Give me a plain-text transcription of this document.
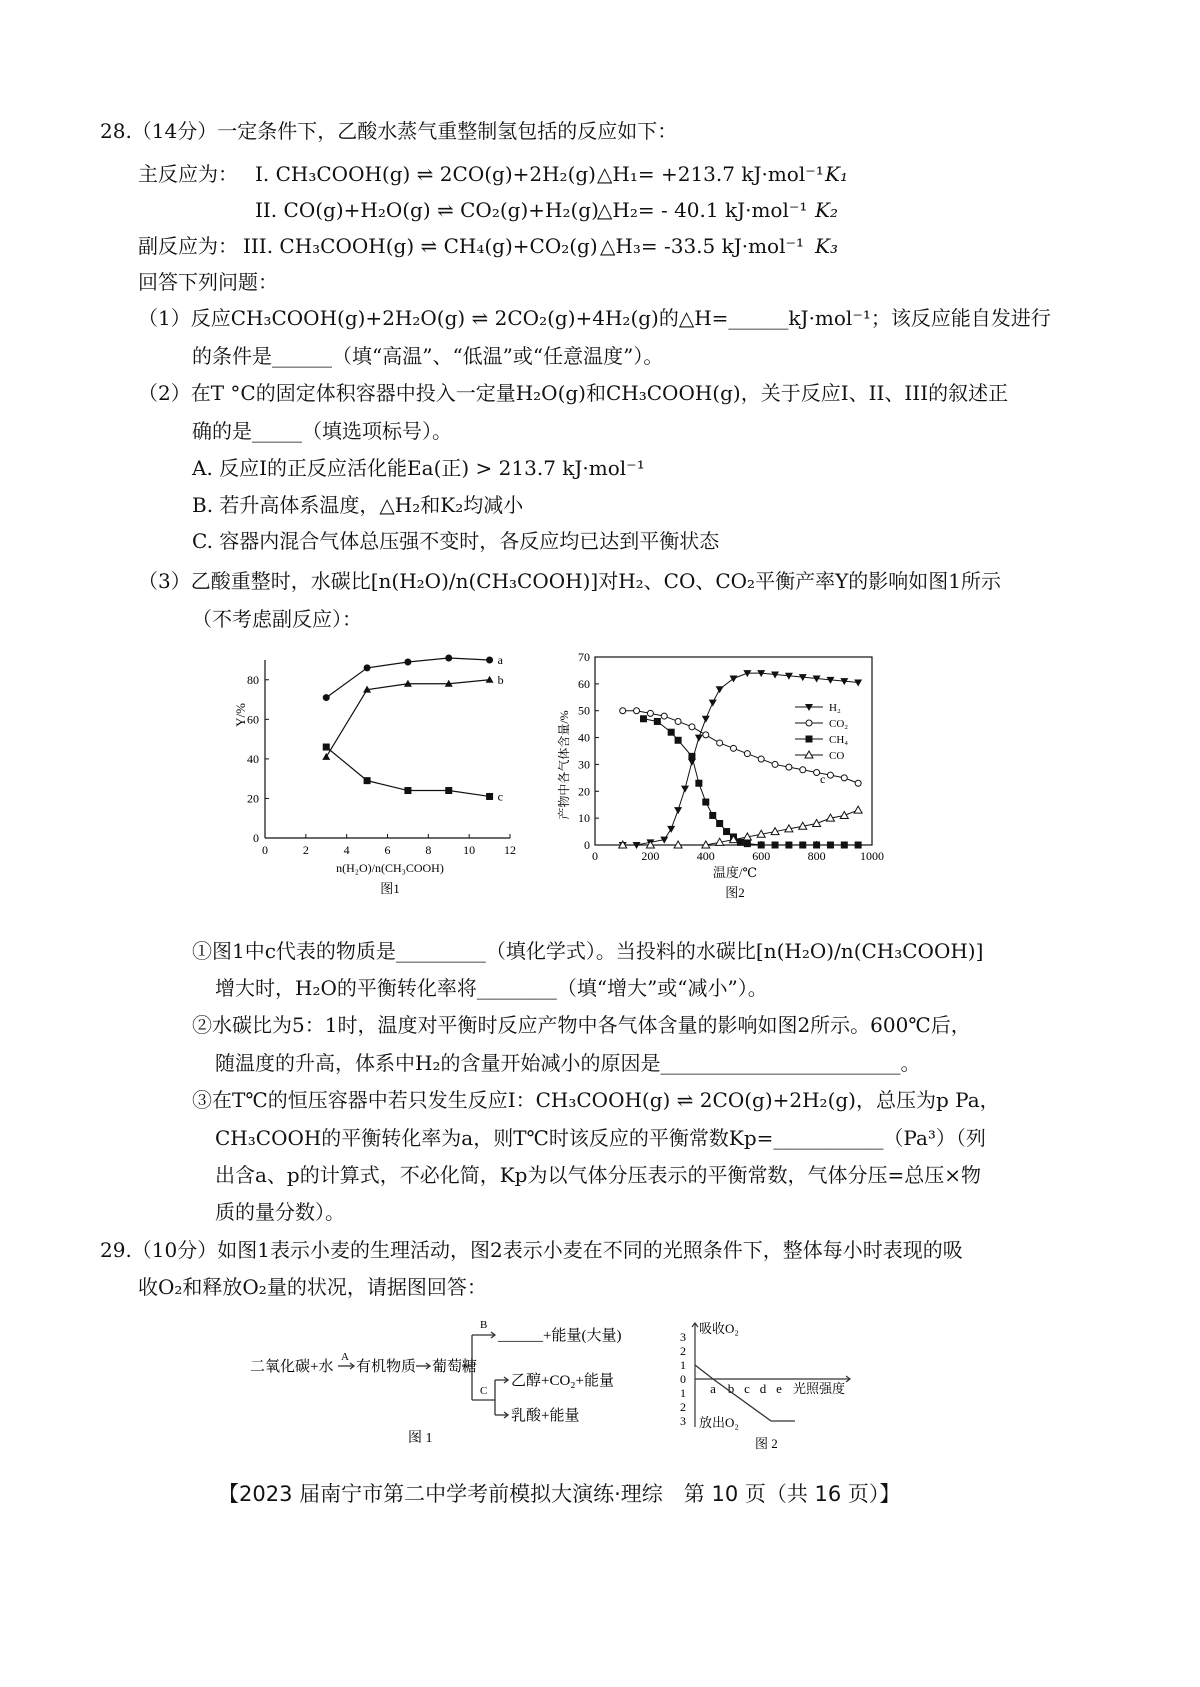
28.（14分）一定条件下，乙酸水蒸气重整制氢包括的反应如下：
主反应为： I. CH₃COOH(g) ⇌ 2CO(g)+2H₂(g) △H₁= +213.7 kJ·mol⁻¹ K₁
II. CO(g)+H₂O(g) ⇌ CO₂(g)+H₂(g)
△H₂= - 40.1 kJ·mol⁻¹ K₂
副反应为： III. CH₃COOH(g) ⇌ CH₄(g)+CO₂(g) △H₃= -33.5 kJ·mol⁻¹ K₃
回答下列问题：
（1）反应CH₃COOH(g)+2H₂O(g) ⇌ 2CO₂(g)+4H₂(g)的△H=______kJ·mol⁻¹；该反应能自发进行
的条件是______（填“高温”、“低温”或“任意温度”）。
（2）在T °C的固定体积容器中投入一定量H₂O(g)和CH₃COOH(g)，关于反应I、II、III的叙述正
确的是_____（填选项标号）。
A. 反应I的正反应活化能Ea(正) > 213.7 kJ·mol⁻¹
B. 若升高体系温度，△H₂和K₂均减小
C. 容器内混合气体总压强不变时，各反应均已达到平衡状态
（3）乙酸重整时，水碳比[n(H₂O)/n(CH₃COOH)]对H₂、CO、CO₂平衡产率Y的影响如图1所示
（不考虑副反应）：
0	2	4	6	8	10 12
0
20
40
60
80
a
b
c
Y/%
n(H₂O)/n(CH₃COOH)
图1
0	200	400	600	800	1000
0
10
20
30
40
50
60
70
H₂
CO₂
CH₄
CO
产物中各气体含量/%
温度/℃
图2
c
①图1中c代表的物质是_________（填化学式）。当投料的水碳比[n(H₂O)/n(CH₃COOH)]
增大时，H₂O的平衡转化率将________（填“增大”或“减小”）。
②水碳比为5：1时，温度对平衡时反应产物中各气体含量的影响如图2所示。600℃后，
随温度的升高，体系中H₂的含量开始减小的原因是________________________。
③在T℃的恒压容器中若只发生反应I：CH₃COOH(g) ⇌ 2CO(g)+2H₂(g)，总压为p Pa，
CH₃COOH的平衡转化率为a，则T℃时该反应的平衡常数Kp=___________（Pa³）（列
出含a、p的计算式，不必化简，Kp为以气体分压表示的平衡常数，气体分压=总压×物
质的量分数）。
29.（10分）如图1表示小麦的生理活动，图2表示小麦在不同的光照条件下，整体每小时表现的吸
收O₂和释放O₂量的状况，请据图回答：
二氧化碳+水
A
有机物质 葡萄糖
B
C
______+能量(大量)
乙醇+CO₂+能量
乳酸+能量
图 1
3
2
1
0
1
2
3
a b c d e
吸收O₂
放出O₂
光照强度
图 2
【2023 届南宁市第二中学考前模拟大演练·理综　第 10 页（共 16 页）】
